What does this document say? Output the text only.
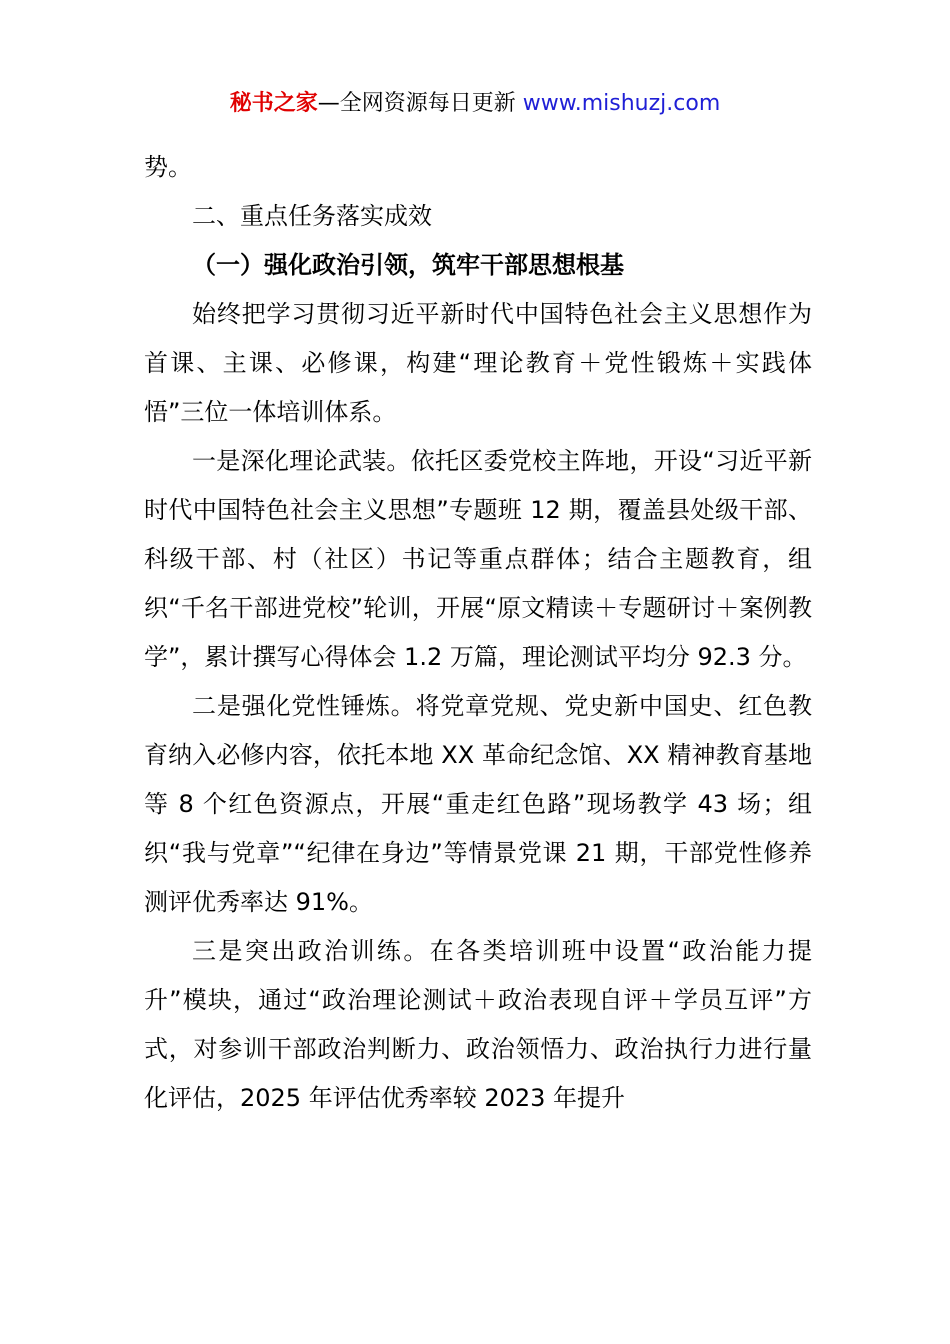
秘书之家—全网资源每日更新 www.mishuzj.com

势。

二、重点任务落实成效

（一）强化政治引领，筑牢干部思想根基

始终把学习贯彻习近平新时代中国特色社会主义思想作为首课、主课、必修课，构建“理论教育＋党性锻炼＋实践体悟”三位一体培训体系。

一是深化理论武装。依托区委党校主阵地，开设“习近平新时代中国特色社会主义思想”专题班 12 期，覆盖县处级干部、科级干部、村（社区）书记等重点群体；结合主题教育，组织“千名干部进党校”轮训，开展“原文精读＋专题研讨＋案例教学”，累计撰写心得体会 1.2 万篇，理论测试平均分 92.3 分。

二是强化党性锤炼。将党章党规、党史新中国史、红色教育纳入必修内容，依托本地 XX 革命纪念馆、XX 精神教育基地等 8 个红色资源点，开展“重走红色路”现场教学 43 场；组织“我与党章”“纪律在身边”等情景党课 21 期，干部党性修养测评优秀率达 91%。

三是突出政治训练。在各类培训班中设置“政治能力提升”模块，通过“政治理论测试＋政治表现自评＋学员互评”方式，对参训干部政治判断力、政治领悟力、政治执行力进行量化评估，2025 年评估优秀率较 2023 年提升
